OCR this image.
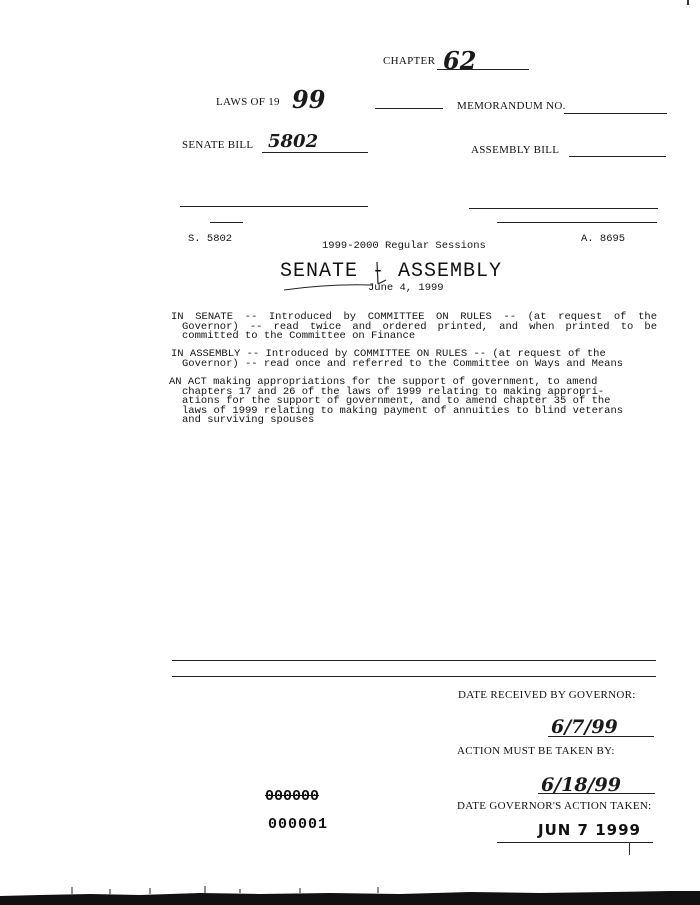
CHAPTER 62
LAWS OF 19 99	MEMORANDUM NO.
SENATE BILL 5802	ASSEMBLY BILL
S. 5802	A. 8695
1999-2000 Regular Sessions
SENATE - ASSEMBLY
June 4, 1999
IN SENATE -- Introduced by COMMITTEE ON RULES -- (at request of the
Governor) -- read twice and ordered printed, and when printed to be
committed to the Committee on Finance
IN ASSEMBLY -- Introduced by COMMITTEE ON RULES -- (at request of the
Governor) -- read once and referred to the Committee on Ways and Means
AN ACT making appropriations for the support of government, to amend
chapters 17 and 26 of the laws of 1999 relating to making appropri-
ations for the support of government, and to amend chapter 35 of the
laws of 1999 relating to making payment of annuities to blind veterans
and surviving spouses
DATE RECEIVED BY GOVERNOR:
6/7/99
ACTION MUST BE TAKEN BY:
6/18/99
DATE GOVERNOR'S ACTION TAKEN:
JUN 7 1999
000000
000001
